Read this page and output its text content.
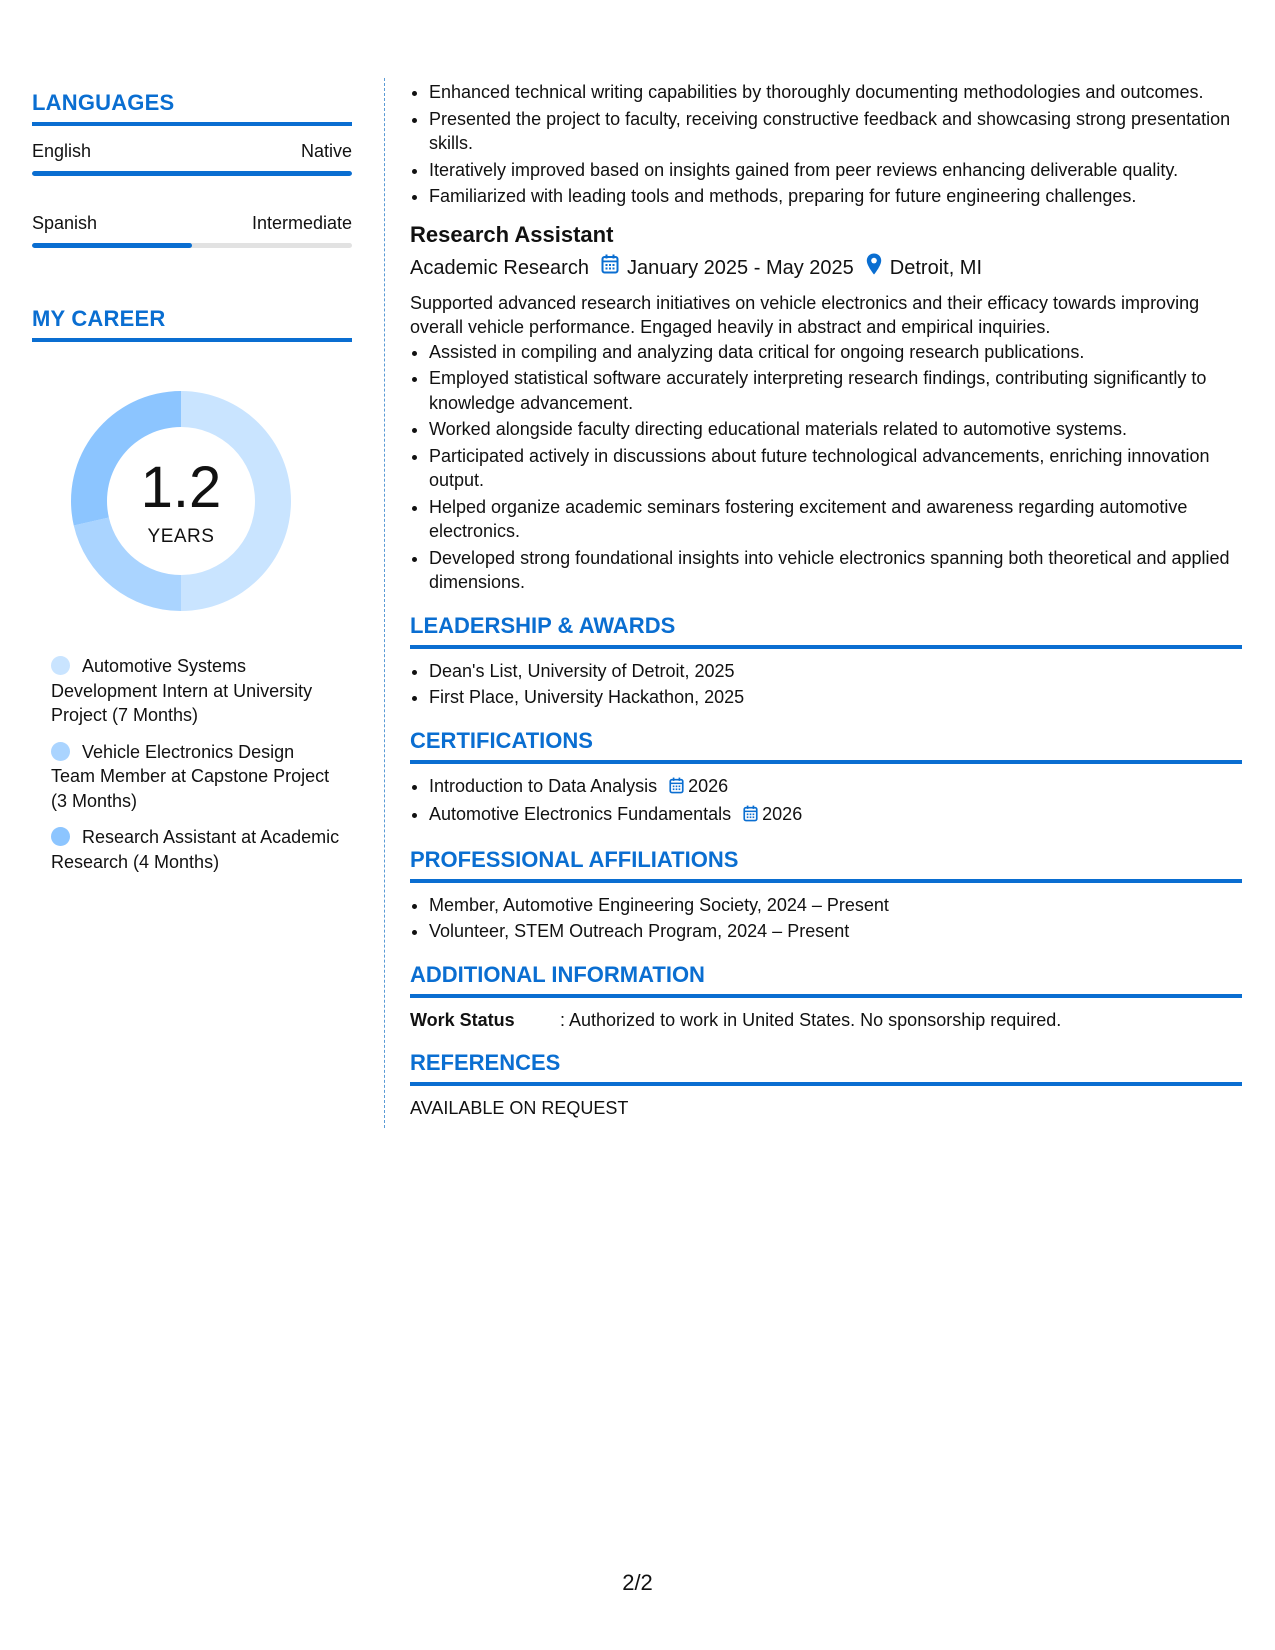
LANGUAGES
English	Native
Spanish	Intermediate
MY CAREER
1.2
YEARS
Automotive Systems Development Intern at University Project (7 Months)
Vehicle Electronics Design Team Member at Capstone Project (3 Months)
Research Assistant at Academic Research (4 Months)
• Enhanced technical writing capabilities by thoroughly documenting methodologies and outcomes.
• Presented the project to faculty, receiving constructive feedback and showcasing strong presentation skills.
• Iteratively improved based on insights gained from peer reviews enhancing deliverable quality.
• Familiarized with leading tools and methods, preparing for future engineering challenges.
Research Assistant
Academic Research January 2025 - May 2025 Detroit, MI
Supported advanced research initiatives on vehicle electronics and their efficacy towards improving overall vehicle performance. Engaged heavily in abstract and empirical inquiries.
• Assisted in compiling and analyzing data critical for ongoing research publications.
• Employed statistical software accurately interpreting research findings, contributing significantly to knowledge advancement.
• Worked alongside faculty directing educational materials related to automotive systems.
• Participated actively in discussions about future technological advancements, enriching innovation output.
• Helped organize academic seminars fostering excitement and awareness regarding automotive electronics.
• Developed strong foundational insights into vehicle electronics spanning both theoretical and applied dimensions.
LEADERSHIP & AWARDS
• Dean's List, University of Detroit, 2025
• First Place, University Hackathon, 2025
CERTIFICATIONS
• Introduction to Data Analysis 2026
• Automotive Electronics Fundamentals 2026
PROFESSIONAL AFFILIATIONS
• Member, Automotive Engineering Society, 2024 – Present
• Volunteer, STEM Outreach Program, 2024 – Present
ADDITIONAL INFORMATION
Work Status	: Authorized to work in United States. No sponsorship required.
REFERENCES
AVAILABLE ON REQUEST
2/2
